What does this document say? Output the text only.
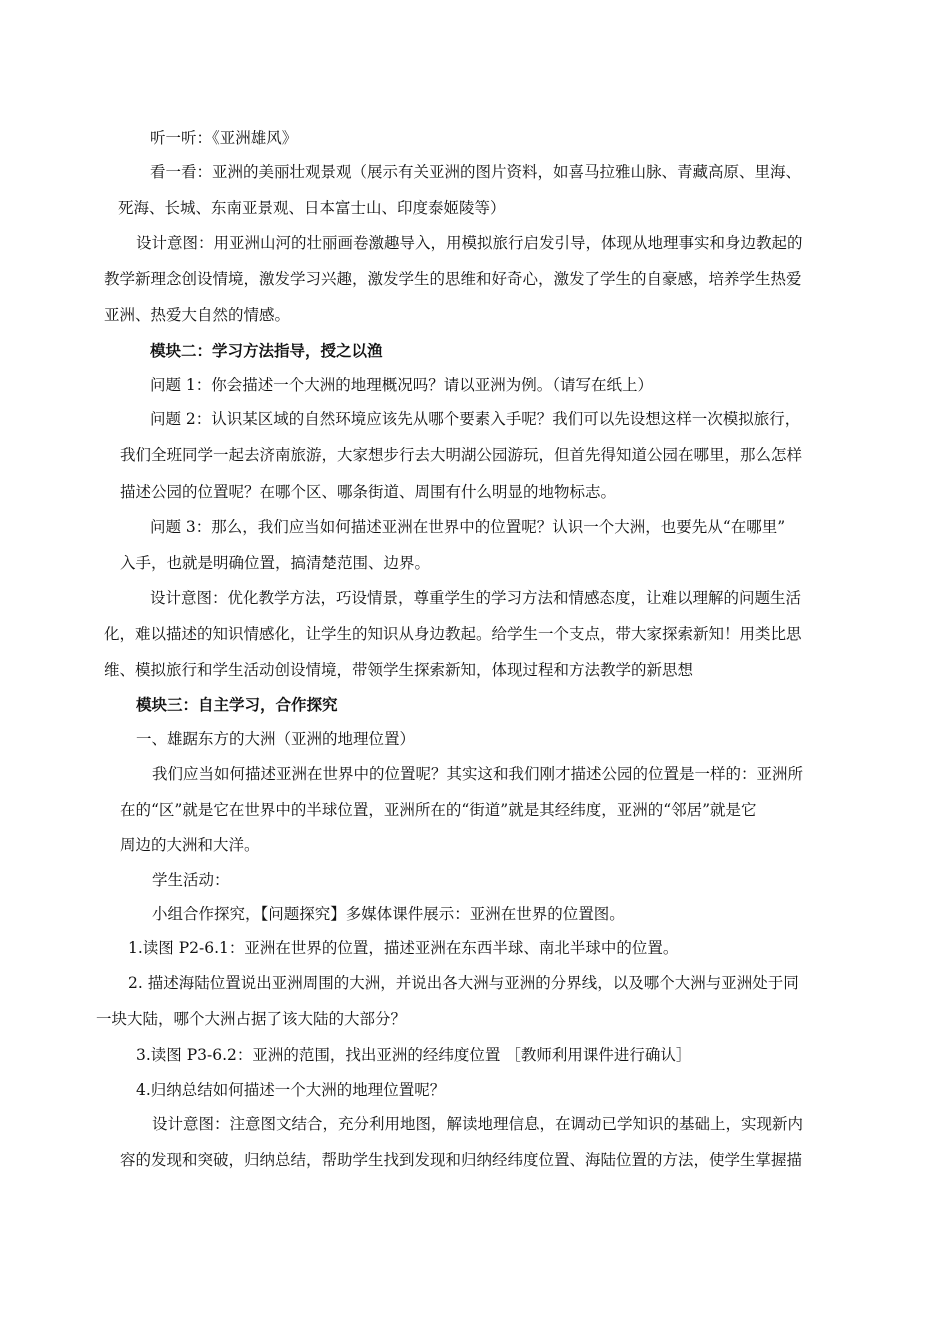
听一听：《亚洲雄风》
看一看：亚洲的美丽壮观景观（展示有关亚洲的图片资料，如喜马拉雅山脉、青藏高原、里海、
死海、长城、东南亚景观、日本富士山、印度泰姬陵等）
设计意图：用亚洲山河的壮丽画卷激趣导入，用模拟旅行启发引导，体现从地理事实和身边教起的
教学新理念创设情境，激发学习兴趣，激发学生的思维和好奇心，激发了学生的自豪感，培养学生热爱
亚洲、热爱大自然的情感。
模块二：学习方法指导，授之以渔
问题 1：你会描述一个大洲的地理概况吗？请以亚洲为例。（请写在纸上）
问题 2：认识某区域的自然环境应该先从哪个要素入手呢？我们可以先设想这样一次模拟旅行，
我们全班同学一起去济南旅游，大家想步行去大明湖公园游玩，但首先得知道公园在哪里，那么怎样
描述公园的位置呢？在哪个区、哪条街道、周围有什么明显的地物标志。
问题 3：那么，我们应当如何描述亚洲在世界中的位置呢？认识一个大洲，也要先从“在哪里”
入手，也就是明确位置，搞清楚范围、边界。
设计意图：优化教学方法，巧设情景，尊重学生的学习方法和情感态度，让难以理解的问题生活
化，难以描述的知识情感化，让学生的知识从身边教起。给学生一个支点，带大家探索新知！用类比思
维、模拟旅行和学生活动创设情境，带领学生探索新知，体现过程和方法教学的新思想
模块三：自主学习，合作探究
一、雄踞东方的大洲（亚洲的地理位置）
我们应当如何描述亚洲在世界中的位置呢？其实这和我们刚才描述公园的位置是一样的：亚洲所
在的“区”就是它在世界中的半球位置，亚洲所在的“街道”就是其经纬度，亚洲的“邻居”就是它
周边的大洲和大洋。
学生活动：
小组合作探究，【问题探究】多媒体课件展示：亚洲在世界的位置图。
1.读图 P2-6.1：亚洲在世界的位置，描述亚洲在东西半球、南北半球中的位置。
2. 描述海陆位置说出亚洲周围的大洲，并说出各大洲与亚洲的分界线，以及哪个大洲与亚洲处于同
一块大陆，哪个大洲占据了该大陆的大部分？
3.读图 P3-6.2：亚洲的范围，找出亚洲的经纬度位置 ［教师利用课件进行确认］
4.归纳总结如何描述一个大洲的地理位置呢？
设计意图：注意图文结合，充分利用地图，解读地理信息，在调动已学知识的基础上，实现新内
容的发现和突破，归纳总结，帮助学生找到发现和归纳经纬度位置、海陆位置的方法，使学生掌握描
